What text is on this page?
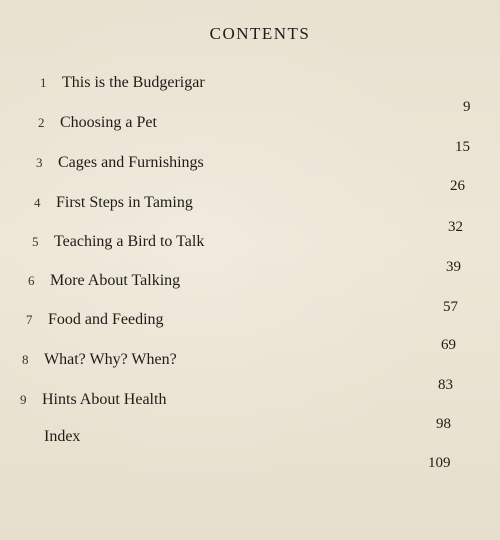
CONTENTS
1 This is the Budgerigar
9
2 Choosing a Pet
15
3 Cages and Furnishings
26
4 First Steps in Taming
32
5 Teaching a Bird to Talk
39
6 More About Talking
57
7 Food and Feeding
69
8 What? Why? When?
83
9 Hints About Health
98
Index
109
